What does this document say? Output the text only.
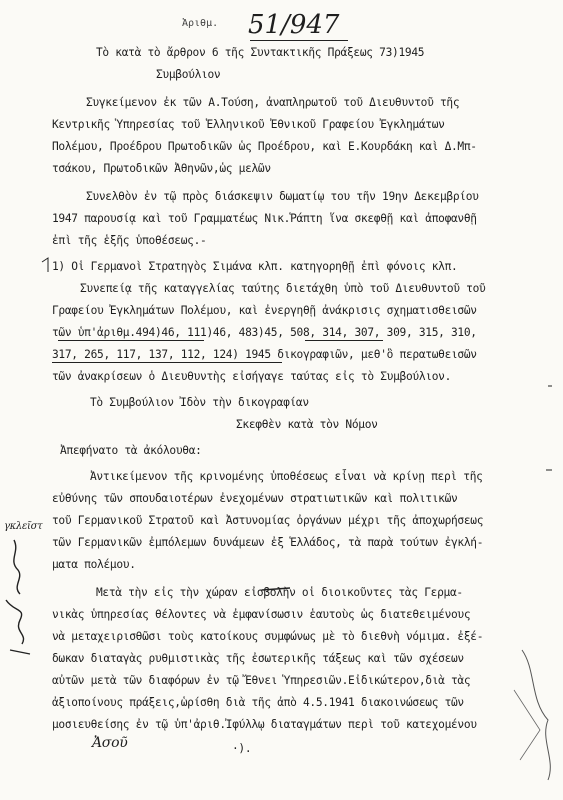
Ἀριθμ. 51/947
Τὸ κατὰ τὸ ἄρθρον 6 τῆς Συντακτικῆς Πράξεως 73)1945
Συμβούλιον
Συγκείμενον ἐκ τῶν Α.Τούση, ἀναπληρωτοῦ τοῦ Διευθυντοῦ τῆς
Κεντρικῆς Ὑπηρεσίας τοῦ Ἑλληνικοῦ Ἐθνικοῦ Γραφείου Ἐγκλημάτων
Πολέμου, Προέδρου Πρωτοδικῶν ὡς Προέδρου, καὶ Ε.Κουρδάκη καὶ Δ.Μπ-
τσάκου, Πρωτοδικῶν Ἀθηνῶν,ὡς μελῶν
Συνελθὸν ἐν τῷ πρὸς διάσκεψιν δωματίῳ του τῆν 19ην Δεκεμβρίου
1947 παρουσίᾳ καὶ τοῦ Γραμματέως Νικ.Ῥάπτη ἵνα σκεφθῇ καὶ ἀποφανθῇ
ἐπὶ τῆς ἑξῆς ὑποθέσεως.-
1) Οἱ Γερμανοὶ Στρατηγὸς Σιμάνα κλπ. κατηγορηθῇ ἐπὶ φόνοις κλπ.
Συνεπείᾳ τῆς καταγγελίας ταύτης διετάχθη ὑπὸ τοῦ Διευθυντοῦ τοῦ
Γραφείου Ἐγκλημάτων Πολέμου, καὶ ἐνεργηθῇ ἀνάκρισις σχηματισθεισῶν
τῶν ὑπ'ἀριθμ.494)46, 111)46, 483)45, 508, 314, 307, 309, 315, 310,
317, 265, 117, 137, 112, 124) 1945 δικογραφιῶν, μεθ'ὃ περατωθεισῶν
τῶν ἀνακρίσεων ὁ Διευθυντὴς εἰσήγαγε ταύτας εἰς τὸ Συμβούλιον.
Τὸ Συμβούλιον Ἰδὸν τὴν δικογραφίαν
Σκεφθὲν κατὰ τὸν Νόμον
Ἀπεφήνατο τὰ ἀκόλουθα:
Ἀντικείμενον τῆς κρινομένης ὑποθέσεως εἶναι νὰ κρίνῃ περὶ τῆς
εὐθύνης τῶν σπουδαιοτέρων ἐνεχομένων στρατιωτικῶν καὶ πολιτικῶν
τοῦ Γερμανικοῦ Στρατοῦ καὶ Ἀστυνομίας ὀργάνων μέχρι τῆς ἀποχωρήσεως
τῶν Γερμανικῶν ἐμπόλεμων δυνάμεων ἐξ Ἑλλάδος, τὰ παρὰ τούτων ἐγκλή-
ματα πολέμου.
Μετὰ τὴν εἰς τὴν χώραν εἰσβολὴν οἱ διοικοῦντες τὰς Γερμα-
νικὰς ὑπηρεσίας θέλοντες νὰ ἐμφανίσωσιν ἑαυτοὺς ὡς διατεθειμένους
νὰ μεταχειρισθῶσι τοὺς κατοίκους συμφώνως μὲ τὸ διεθνὴ νόμιμα. ἐξέ-
δωκαν διαταγὰς ρυθμιστικὰς τῆς ἐσωτερικῆς τάξεως καὶ τῶν σχέσεων
αὐτῶν μετὰ τῶν διαφόρων ἐν τῷ Ἔθνει Ὑπηρεσιῶν.Εἰδικώτερον,διὰ τὰς
ἀξιοποίνους πράξεις,ὡρίσθη διὰ τῆς ἀπὸ 4.5.1941 διακοινώσεως τῶν
μοσιευθείσης ἐν τῷ ὑπ'ἀριθ.Ἰφύλλῳ διαταγμάτων περὶ τοῦ κατεχομένου
·).
γκλεῖστ
Ἀσοῦ
